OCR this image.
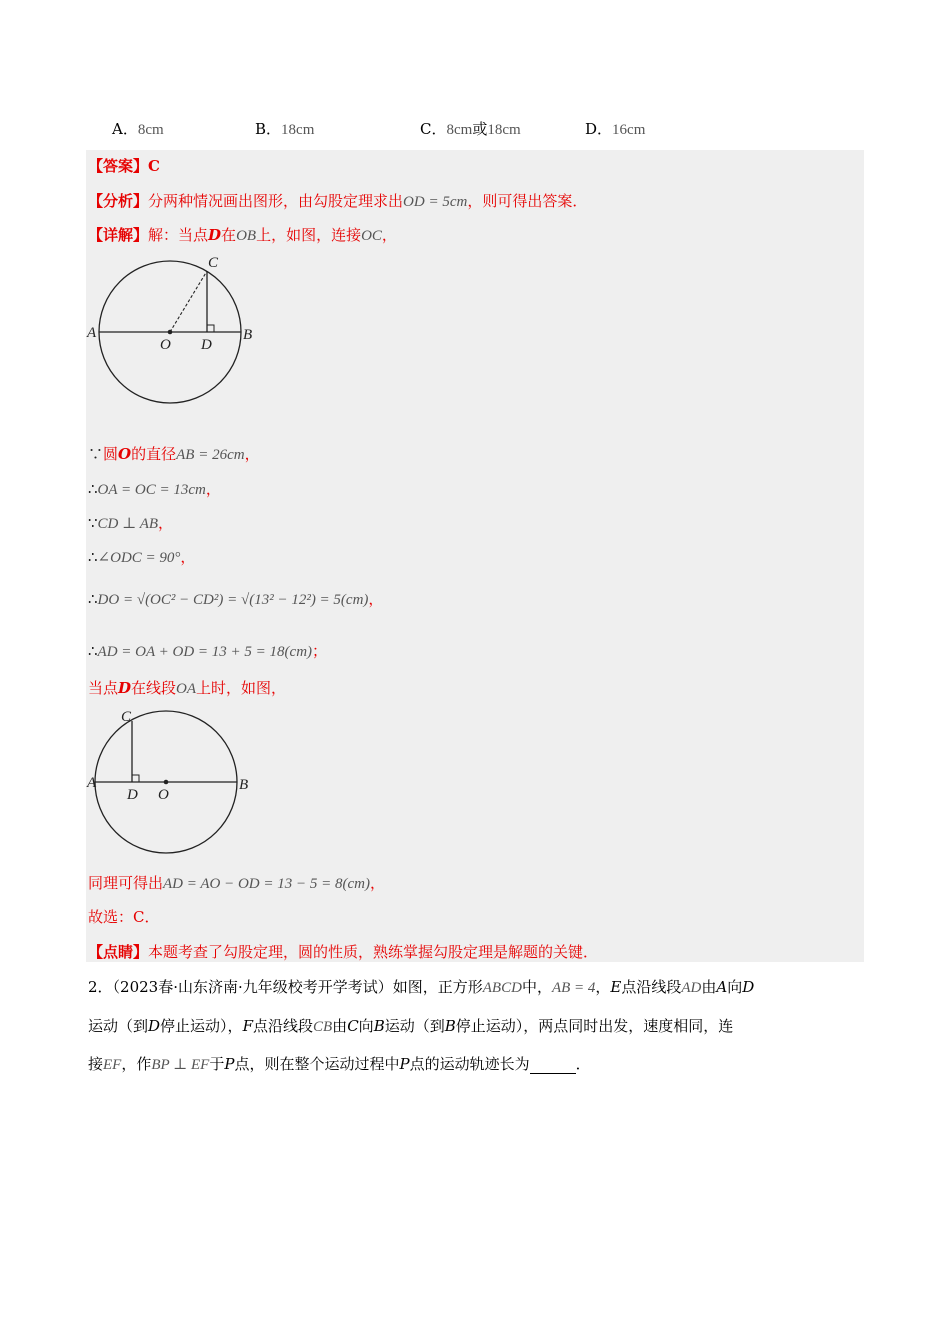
A．8cm	B．18cm	C．8cm或18cm	D．16cm
【答案】C
【分析】分两种情况画出图形，由勾股定理求出OD = 5cm，则可得出答案．
【详解】解：当点D在OB上，如图，连接OC，
C
A
O D
B
∵圆O的直径AB = 26cm，
∴OA = OC = 13cm，
∵CD ⊥ AB，
∴∠ODC = 90°，
∴DO = √(OC² − CD²) = √(13² − 12²) = 5(cm)，
∴AD = OA + OD = 13 + 5 = 18(cm)；
当点D在线段OA上时，如图，
C
A
D O
B
同理可得出AD = AO − OD = 13 − 5 = 8(cm)，
故选：C．
【点睛】本题考查了勾股定理，圆的性质，熟练掌握勾股定理是解题的关键．
2．（2023春·山东济南·九年级校考开学考试）如图，正方形ABCD中，AB = 4，E点沿线段AD由A向D
运动（到D停止运动），F点沿线段CB由C向B运动（到B停止运动），两点同时出发，速度相同，连
接EF，作BP ⊥ EF于P点，则在整个运动过程中P点的运动轨迹长为	．
